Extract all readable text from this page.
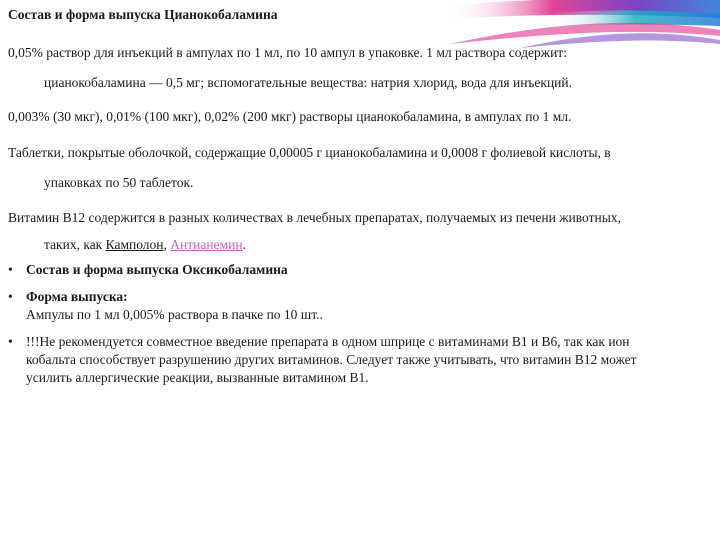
Состав и форма выпуска Цианокобаламина
0,05% раствор для инъекций в ампулах по 1 мл, по 10 ампул в упаковке. 1 мл раствора содержит:
цианокобаламина — 0,5 мг; вспомогательные вещества: натрия хлорид, вода для инъекций.
0,003% (30 мкг), 0,01% (100 мкг), 0,02% (200 мкг) растворы цианокобаламина, в ампулах по 1 мл.
Таблетки, покрытые оболочкой, содержащие 0,00005 г цианокобаламина и 0,0008 г фолиевой кислоты, в
упаковках по 50 таблеток.
Витамин В12 содержится в разных количествах в лечебных препаратах, получаемых из печени животных,
таких, как Камполон, Антианемин.
• Состав и форма выпуска Оксикобаламина
• Форма выпуска:
Ампулы по 1 мл 0,005% раствора в пачке по 10 шт..
• !!!Не рекомендуется совместное введение препарата в одном шприце с витаминами В1 и В6, так как ион
кобальта способствует разрушению других витаминов. Следует также учитывать, что витамин В12 может
усилить аллергические реакции, вызванные витамином В1.
